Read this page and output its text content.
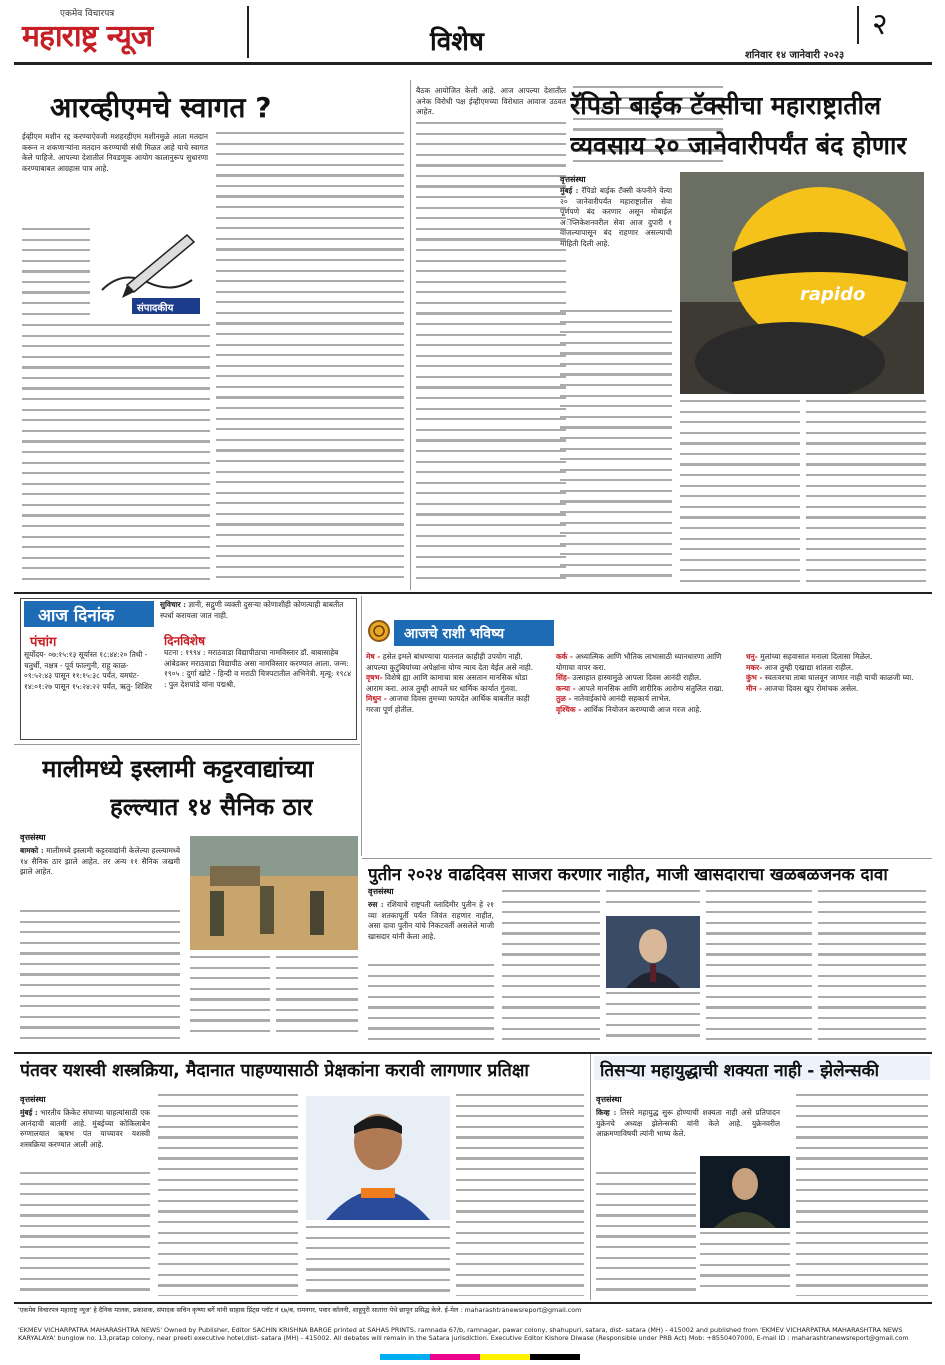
एकमेव विचारपत्र
महाराष्ट्र न्यूज	विशेष	२
शनिवार १४ जानेवारी २०२३
आरव्हीएमचे स्वागत ?
ईव्हीएम मशीन रद्द करण्याऐवजी मशहरहीएम मशीनमुळे आता मतदान करून न शकणाऱ्यांना मतदान करण्याची संधी मिळत आहे याचे स्वागत केले पाहिजे. आपल्या देशातील निवडणूक आयोग कालानुरूप सुधारणा करण्याबाबत आग्रहास पात्र आहे.
संपादकीय
बैठक आयोजित केली आहे. आज आपल्या देशातील अनेक विरोधी पक्ष ईव्हीएमच्या विरोधात आवाज उठवत आहेत.	रॅपिडो बाईक टॅक्सीचा महाराष्ट्रातील
व्यवसाय २० जानेवारीपर्यंत बंद होणार
वृत्तसंस्था
मुंबई : रॅपिडो बाईक टॅक्सी कंपनीने येत्या २० जानेवारीपर्यंत महाराष्ट्रातील सेवा पूर्णपणे बंद करणार असून मोबाईल अॅप्लिकेशनवरील सेवा आज दुपारी १ वाजल्यापासून बंद राहणार असल्याची माहिती दिली आहे.
rapido
आज दिनांक
सुविचार : ज्ञानी, सद्गुणी व्यक्ती दुसऱ्या कोणाशीही कोणत्याही बाबतीत स्पर्धा करायला जात नाही.
पंचांग
सूर्योदय- ०७:१५:१३ सूर्यास्त १८:४४:२० तिथी - चतुर्थी, नक्षत्र - पूर्व फाल्गुनी, राहू काळ- ०९:५२:४३ पासून ११:१५:३८ पर्यंत, यमघंट- १४:०१:२७ पासून १५:२४:२२ पर्यंत, ऋतु- शिशिर
दिनविशेष
घटना : १९९४ : मराठवाडा विद्यापीठाचा नामविस्तार डॉ. बाबासाहेब आंबेडकर मराठवाडा विद्यापीठ असा नामविस्तार करण्यात आला. जन्म: १९०५ : दुर्गा खोटे - हिन्दी व मराठी चित्रपटातील अभिनेत्री. मृत्यू: १९८४ : पुल देशपांडे यांना पद्मश्री.
आजचे राशी भविष्य

मेष - हसेत इमले बांधण्याचा यातनात काहीही उपयोग नाही. आपल्या कुटुंबियांच्या अपेक्षांना योग्य न्याय देता येईल असे नाही.

वृषभ- विशेषे ह्या आणि कामाचा त्रास असतान मानसिक थोडा आराम करा. आज तुम्ही आपले घर धार्मिक कार्यात गुंतवा.

मिथुन - आजचा दिवस तुमच्या फायदेत आर्थिक बाबतीत काही गरजा पूर्ण होतील.

कर्क - अध्यात्मिक आणि भौतिक लाभासाठी ध्यानधारणा आणि योगाचा वापर करा.

सिंह- उत्साहात हास्यामुळे आपला दिवस आनंदी राहील.

कन्या - आपले मानसिक आणि शारीरिक आरोग्य संतुलित राखा.

तुळ - नातेवाईकांचे आनंदी सहकार्य लाभेल.

वृश्चिक - आर्थिक नियोजन करण्याची आज गरज आहे.

धनु- मुलांच्या सहवासात मनाला दिलासा मिळेल.

मकर- आज तुम्ही एखाद्या शांतता राहील.

कुंभ - स्वतःवरचा ताबा घालवून जाणार नाही याची काळजी घ्या.

मीन - आजचा दिवस खूप रोमांचक असेल.

मालीमध्ये इस्लामी कट्टरवाद्यांच्या
हल्ल्यात १४ सैनिक ठार
वृत्तसंस्था
बामको : मालीमध्ये इस्लामी कट्टरवाद्यांनी केलेल्या हल्ल्यामध्ये १४ सैनिक ठार झाले आहेत. तर अन्य ११ सैनिक जखमी झाले आहेत.	पुतीन २०२४ वाढदिवस साजरा करणार नाहीत, माजी खासदाराचा खळबळजनक दावा
वृत्तसंस्था
रुस : रशियाचे राष्ट्रपती व्लादिमीर पुतीन हे २१ व्या शतकापूर्ती पर्यंत जिवंत राहणार नाहीत, असा दावा पुतीन यांचे निकटवर्ती असलेले माजी खासदार यांनी केला आहे.
पंतवर यशस्वी शस्त्रक्रिया, मैदानात पाहण्यासाठी प्रेक्षकांना करावी लागणार प्रतिक्षा
वृत्तसंस्था
मुंबई : भारतीय क्रिकेट संघाच्या चाहत्यांसाठी एक आनंदाची बातमी आहे. मुंबईच्या कोकिलाबेन रुग्णालयात ऋषभ पंत याच्यावर यशस्वी शस्त्रक्रिया करण्यात आली आहे.
तिसऱ्या महायुद्धाची शक्यता नाही - झेलेन्सकी
वृत्तसंस्था
किव्ह : तिसरे महायुद्ध सुरू होण्याची शक्यता नाही असे प्रतिपादन युक्रेनचे अध्यक्ष झेलेन्सकी यांनी केले आहे. युक्रेनवरील आक्रमणाविषयी त्यांनी भाष्य केले.
'एकमेव विचारपत्र महाराष्ट्र न्यूज' हे दैनिक मालक, प्रकाशक, संपादक सचिन कृष्णा बर्गे यांनी साहास प्रिंट्स प्लॉट नं ६७/ब, रामनगर, पवार कॉलनी, शाहूपुरी सातारा येथे छापून प्रसिद्ध केले. ई-मेल : maharashtranewsreport@gmail.com
'EKMEV VICHARPATRA MAHARASHTRA NEWS' Owned by Publisher, Editor SACHIN KRISHNA BARGE printed at SAHAS PRINTS, ramnada 67/b, ramnagar, pawar colony, shahupuri, satara, dist- satara (MH) - 415002 and published from 'EKMEV VICHARPATRA MAHARASHTRA NEWS KARYALAYA' bunglow no. 13,pratap colony, near preeti executive hotel,dist- satara (MH) - 415002. All debates will remain in the Satara jurisdiction. Executive Editor Kishore Diwase (Responsible under PRB Act) Mob: +8550407000, E-mail ID : maharashtranewsreport@gmail.com
